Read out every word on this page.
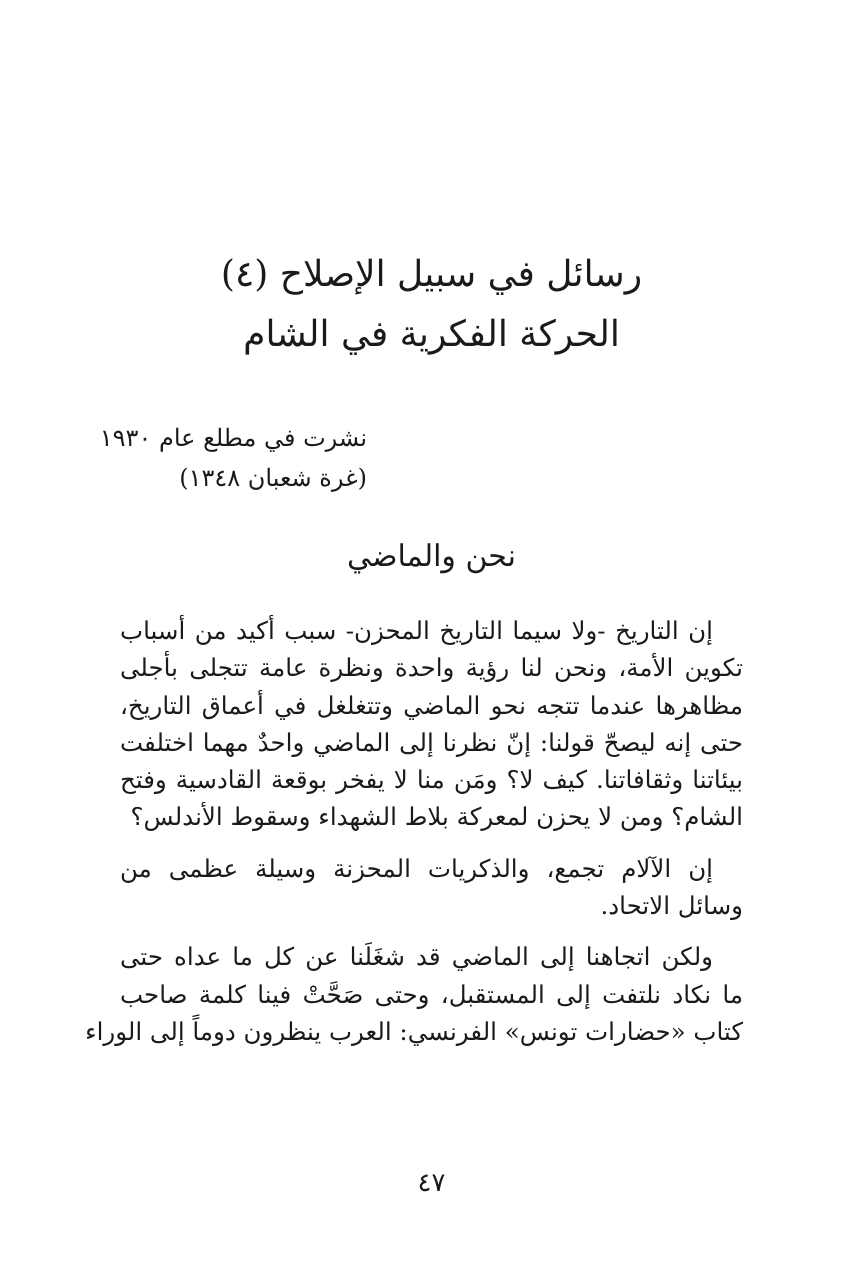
رسائل في سبيل الإصلاح (٤)
الحركة الفكرية في الشام
نشرت في مطلع عام ١٩٣٠
(غرة شعبان ١٣٤٨)
نحن والماضي

إن التاريخ -ولا سيما التاريخ المحزن- سبب أكيد من أسباب
تكوين الأمة، ونحن لنا رؤية واحدة ونظرة عامة تتجلى بأجلى
مظاهرها عندما تتجه نحو الماضي وتتغلغل في أعماق التاريخ،
حتى إنه ليصحّ قولنا: إنّ نظرنا إلى الماضي واحدٌ مهما اختلفت
بيئاتنا وثقافاتنا. كيف لا؟ ومَن منا لا يفخر بوقعة القادسية وفتح
الشام؟ ومن لا يحزن لمعركة بلاط الشهداء وسقوط الأندلس؟

إن الآلام تجمع، والذكريات المحزنة وسيلة عظمى من
وسائل الاتحاد.

ولكن اتجاهنا إلى الماضي قد شغَلَنا عن كل ما عداه حتى
ما نكاد نلتفت إلى المستقبل، وحتى صَحَّتْ فينا كلمة صاحب
كتاب «حضارات تونس» الفرنسي: العرب ينظرون دوماً إلى الوراء

٤٧
